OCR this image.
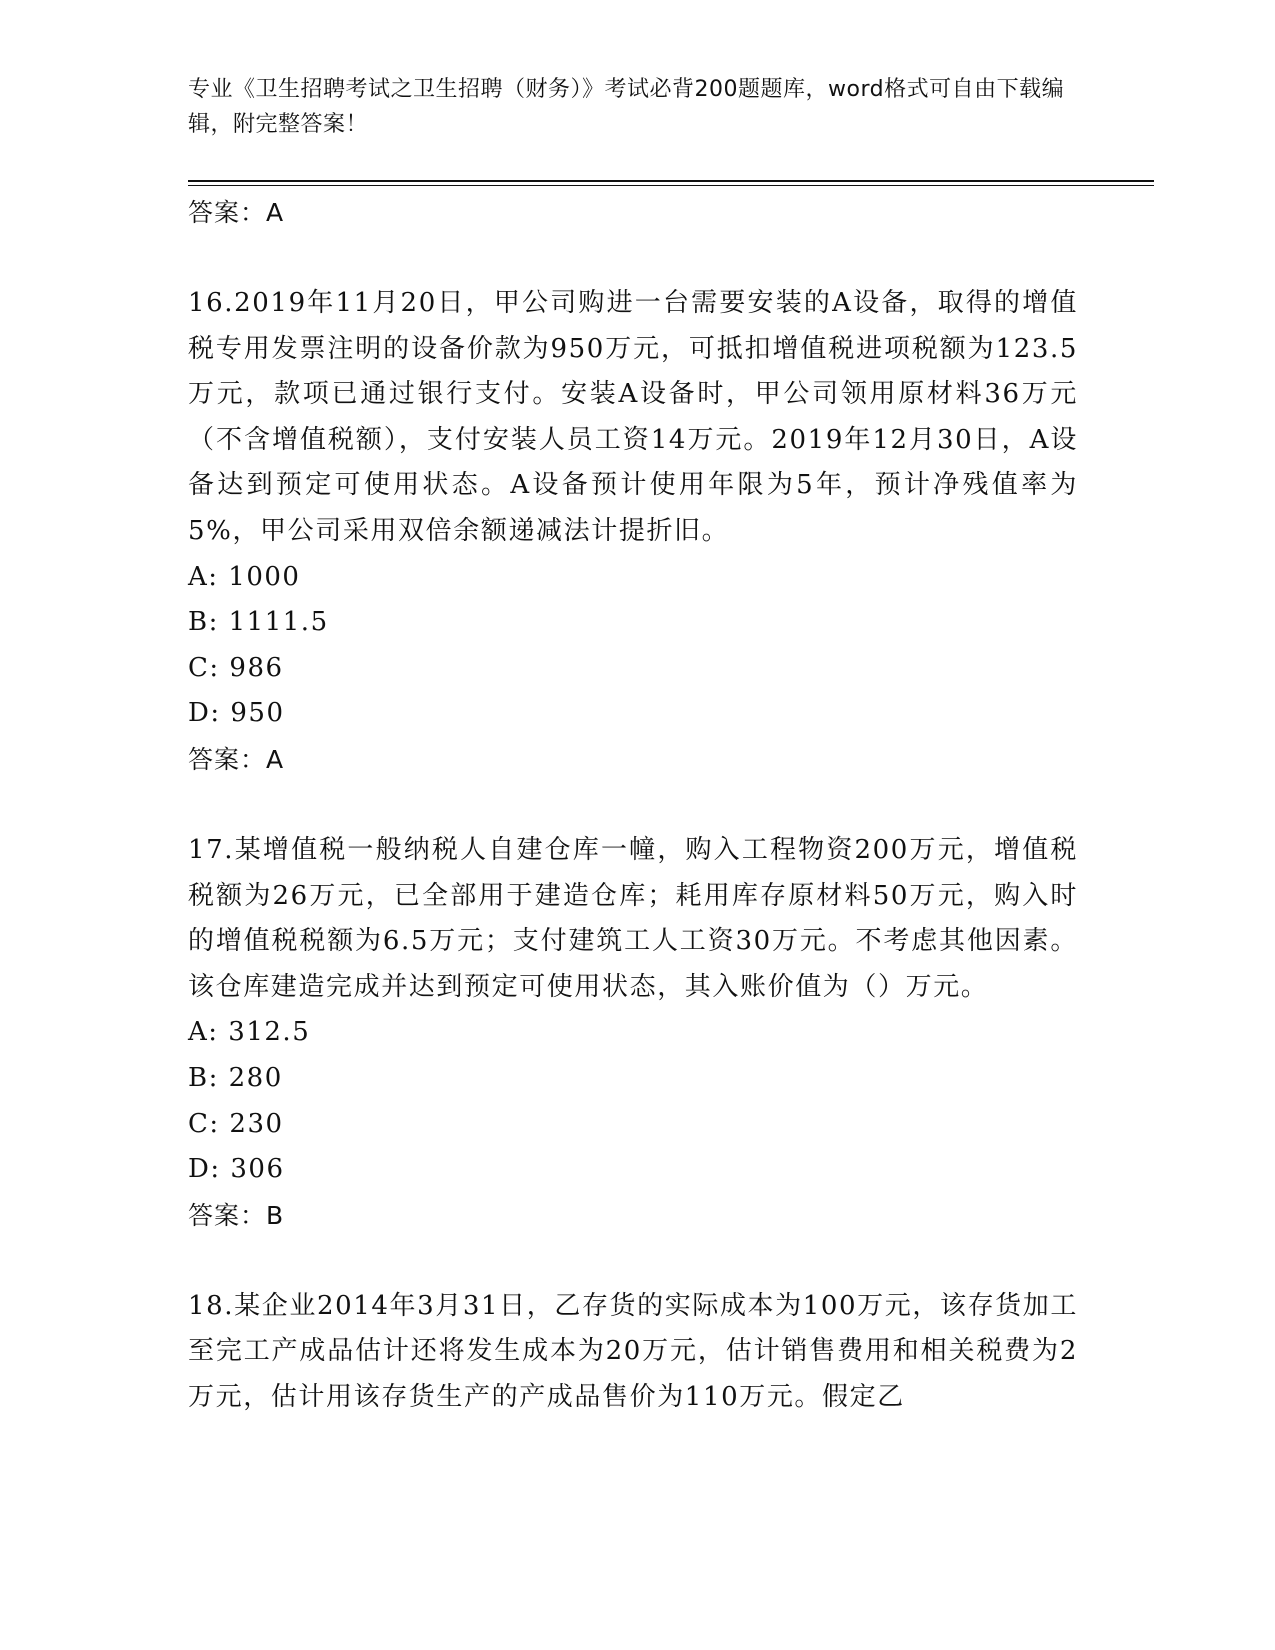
专业《卫生招聘考试之卫生招聘（财务）》考试必背200题题库，word格式可自由下载编辑，附完整答案！
答案：A
16.2019年11月20日，甲公司购进一台需要安装的A设备，取得的增值税专用发票注明的设备价款为950万元，可抵扣增值税进项税额为123.5万元，款项已通过银行支付。安装A设备时，甲公司领用原材料36万元（不含增值税额），支付安装人员工资14万元。2019年12月30日，A设备达到预定可使用状态。A设备预计使用年限为5年，预计净残值率为5%，甲公司采用双倍余额递减法计提折旧。
A: 1000
B: 1111.5
C: 986
D: 950
答案：A
17.某增值税一般纳税人自建仓库一幢，购入工程物资200万元，增值税税额为26万元，已全部用于建造仓库；耗用库存原材料50万元，购入时的增值税税额为6.5万元；支付建筑工人工资30万元。不考虑其他因素。该仓库建造完成并达到预定可使用状态，其入账价值为（）万元。
A: 312.5
B: 280
C: 230
D: 306
答案：B
18.某企业2014年3月31日，乙存货的实际成本为100万元，该存货加工至完工产成品估计还将发生成本为20万元，估计销售费用和相关税费为2万元，估计用该存货生产的产成品售价为110万元。假定乙
